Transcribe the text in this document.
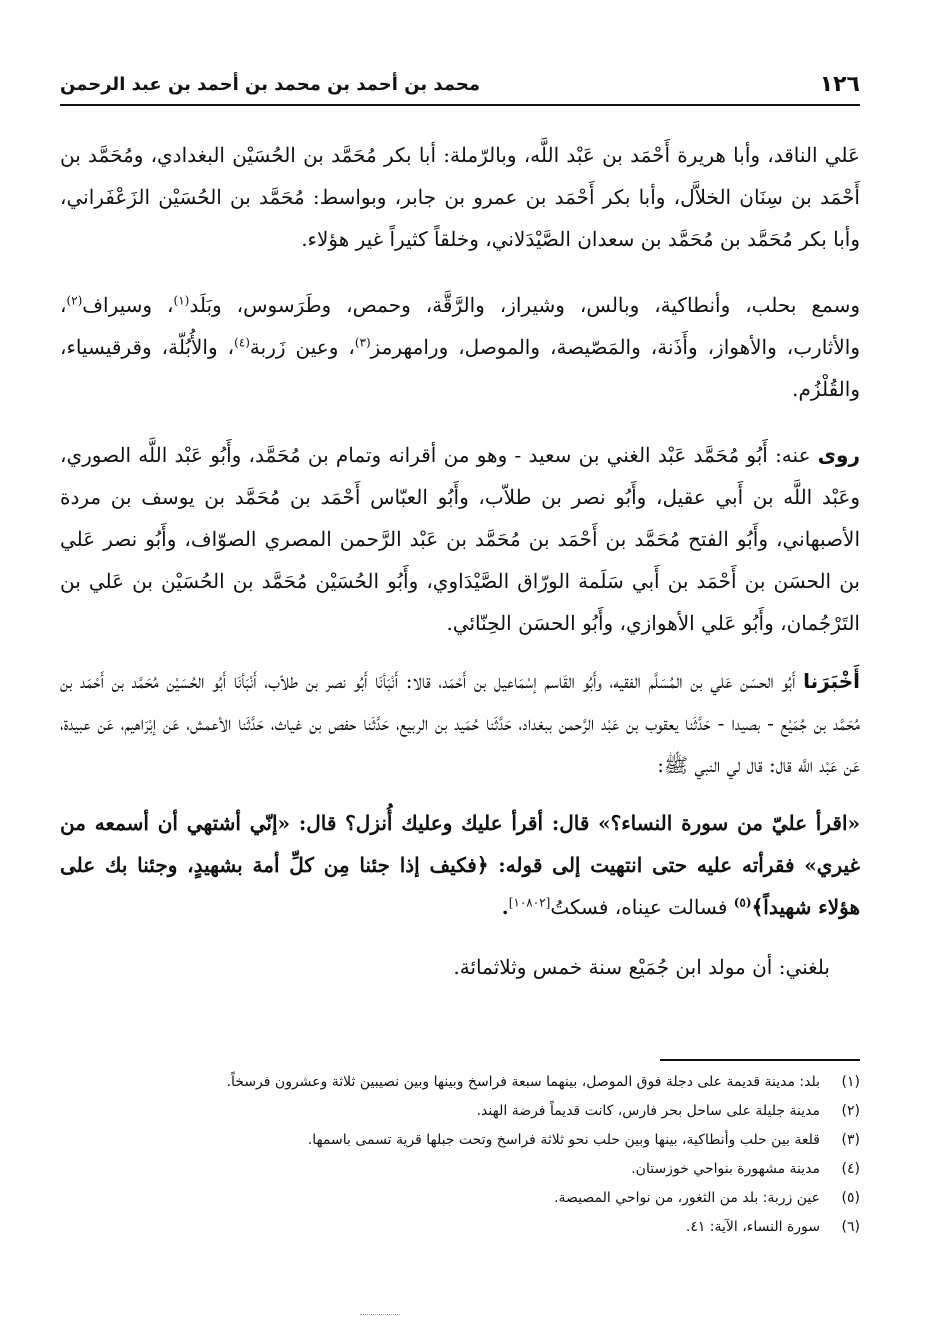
١٢٦
محمد بن أحمد بن محمد بن أحمد بن عبد الرحمن

عَلي الناقد، وأبا هريرة أَحْمَد بن عَبْد اللَّه، وبالرّملة: أبا بكر مُحَمَّد بن الحُسَيْن البغدادي، ومُحَمَّد بن أَحْمَد بن سِنَان الخلاَّل، وأبا بكر أَحْمَد بن عمرو بن جابر، وبواسط: مُحَمَّد بن الحُسَيْن الزَعْفَراني، وأبا بكر مُحَمَّد بن مُحَمَّد بن سعدان الصَّيْدَلاني، وخلقاً كثيراً غير هؤلاء.

وسمع بحلب، وأنطاكية، وبالس، وشيراز، والرَّقَّة، وحمص، وطَرَسوس، وبَلَد$^{(١)}$، وسيراف$^{(٢)}$، والأثارب، والأهواز، وأَذَنة، والمَصّيصة، والموصل، ورامهرمز$^{(٣)}$، وعين زَربة$^{(٤)}$، والأُبُلّة، وقرقيسياء، والقُلْزُم.

روى عنه: أَبُو مُحَمَّد عَبْد الغني بن سعيد - وهو من أقرانه وتمام بن مُحَمَّد، وأَبُو عَبْد اللَّه الصوري، وعَبْد اللَّه بن أَبي عقيل، وأَبُو نصر بن طلاّب، وأَبُو العبّاس أَحْمَد بن مُحَمَّد بن يوسف بن مردة الأصبهاني، وأَبُو الفتح مُحَمَّد بن أَحْمَد بن مُحَمَّد بن عَبْد الرَّحمن المصري الصوّاف، وأَبُو نصر عَلي بن الحسَن بن أَحْمَد بن أَبي سَلَمة الورّاق الصَّيْدَاوي، وأَبُو الحُسَيْن مُحَمَّد بن الحُسَيْن بن عَلي بن التَرْجُمان، وأَبُو عَلي الأهوازي، وأَبُو الحسَن الحِنّائي.

أَخْبَرَنا أَبُو الحسَن عَلي بن المُسَلَّم الفقيه، وأَبُو القَاسم إسْمَاعيل بن أَحْمَد، قالا: أَنْبَأنَا أَبُو نصر بن طلاّب، أَنْبَأنَا أَبُو الحُسَيْن مُحَمَّد بن أَحْمَد بن مُحَمَّد بن جُمَيْع - بصيدا - حَدَّثَنا يعقوب بن عَبْد الرَّحمن ببغداد، حَدَّثَنا حُمَيد بن الربيع، حَدَّثَنا حفص بن غياث، حَدَّثَنا الأعمش، عَن إبْرَاهيم، عَن عبيدة، عَن عَبْد اللَّه قال: قال لي النبي ﷺ:

«اقرأ عليّ من سورة النساء؟» قال: أقرأ عليك وعليك أُنزل؟ قال: «إنّي أشتهي أن أسمعه من غيري» فقرأته عليه حتى انتهيت إلى قوله: ﴿فكيف إذا جئنا مِن كلِّ أمة بشهيدٍ، وجئنا بك على هؤلاء شهيداً﴾$^{(٥)}$ فسالت عيناه، فسكتُ[١٠٨٠٢].

بلغني: أن مولد ابن جُمَيْع سنة خمس وثلاثمائة.

(١)
بلد: مدينة قديمة على دجلة فوق الموصل، بينهما سبعة فراسخ وبينها وبين نصيبين ثلاثة وعشرون فرسخاً.
(٢)
مدينة جليلة على ساحل بحر فارس، كانت قديماً فرضة الهند.
(٣)
قلعة بين حلب وأنطاكية، بينها وبين حلب نحو ثلاثة فراسخ وتحت جبلها قرية تسمى باسمها.
(٤)
مدينة مشهورة بنواحي خوزستان.
(٥)
عين زربة: بلد من الثغور، من نواحي المصيصة.
(٦)
سورة النساء، الآية: ٤١.
